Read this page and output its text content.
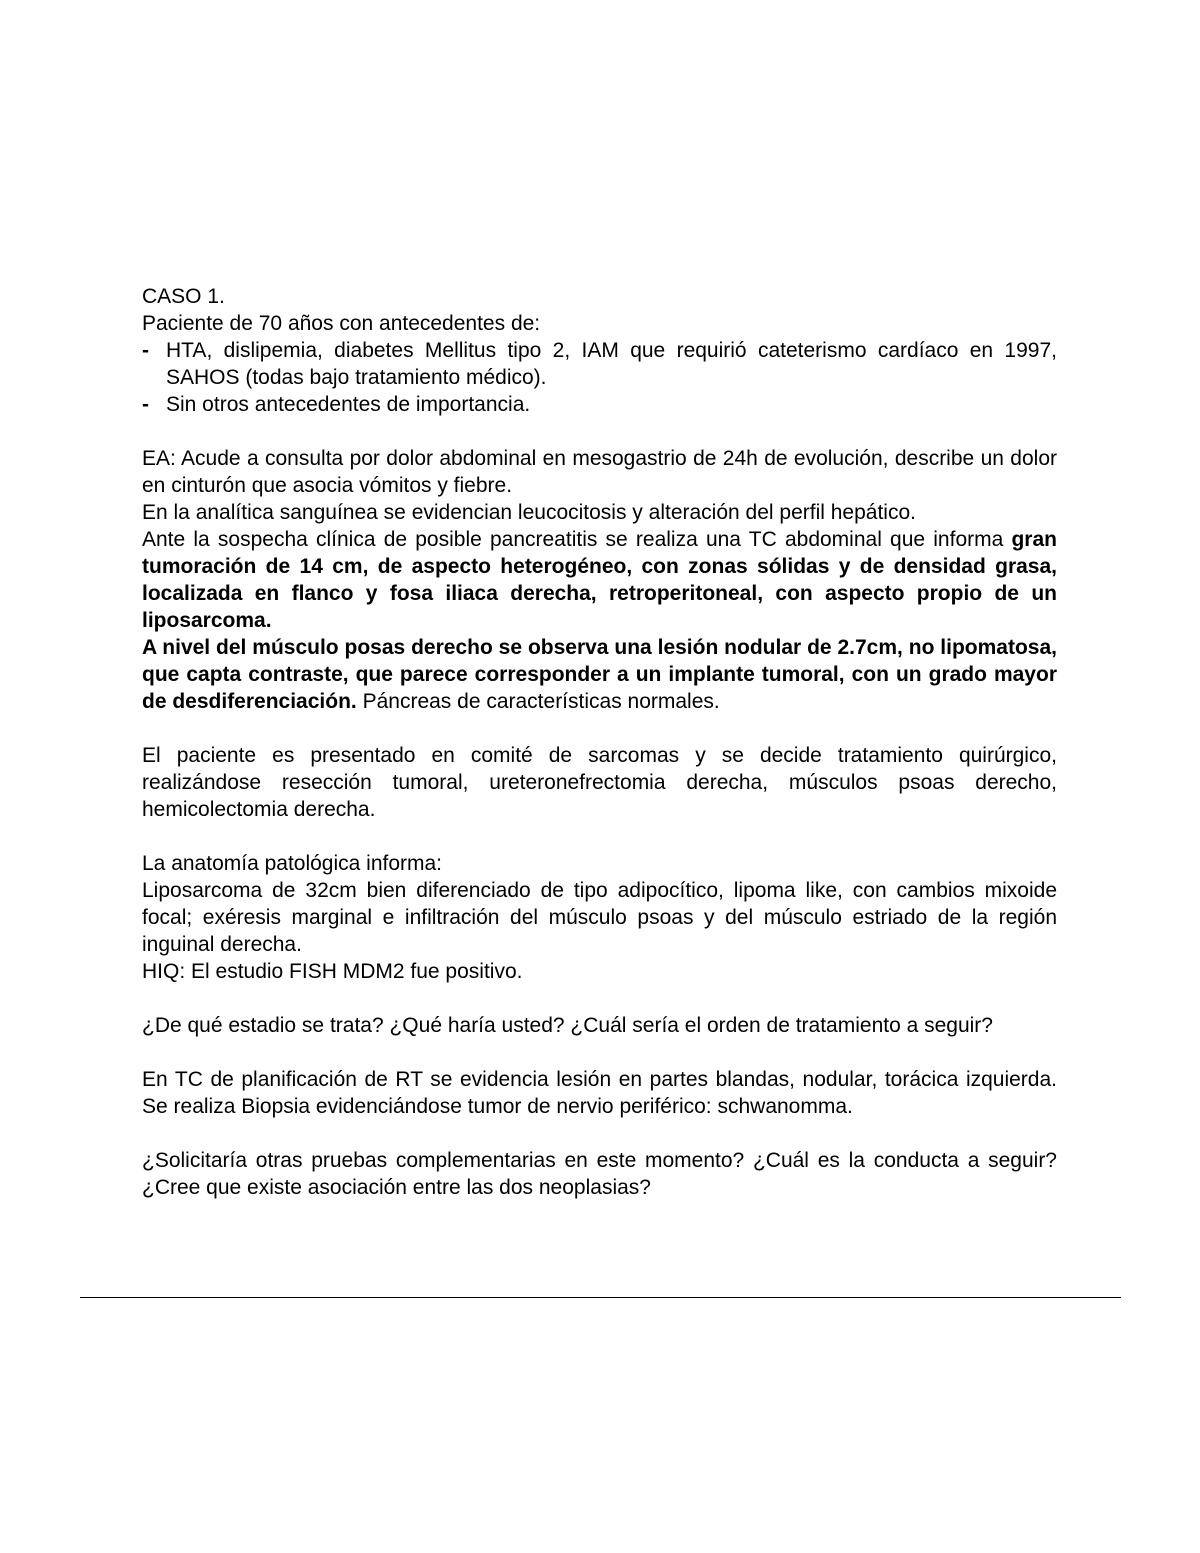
CASO 1.

Paciente de 70 años con antecedentes de:

- HTA, dislipemia, diabetes Mellitus tipo 2, IAM que requirió cateterismo cardíaco en 1997, SAHOS (todas bajo tratamiento médico).
- Sin otros antecedentes de importancia.

EA: Acude a consulta por dolor abdominal en mesogastrio de 24h de evolución, describe un dolor en cinturón que asocia vómitos y fiebre.

En la analítica sanguínea se evidencian leucocitosis y alteración del perfil hepático.

Ante la sospecha clínica de posible pancreatitis se realiza una TC abdominal que informa gran tumoración de 14 cm, de aspecto heterogéneo, con zonas sólidas y de densidad grasa, localizada en flanco y fosa iliaca derecha, retroperitoneal, con aspecto propio de un liposarcoma.

A nivel del músculo posas derecho se observa una lesión nodular de 2.7cm, no lipomatosa, que capta contraste, que parece corresponder a un implante tumoral, con un grado mayor de desdiferenciación. Páncreas de características normales.

El paciente es presentado en comité de sarcomas y se decide tratamiento quirúrgico, realizándose resección tumoral, ureteronefrectomia derecha, músculos psoas derecho, hemicolectomia derecha.

La anatomía patológica informa:

Liposarcoma de 32cm bien diferenciado de tipo adipocítico, lipoma like, con cambios mixoide focal; exéresis marginal e infiltración del músculo psoas y del músculo estriado de la región inguinal derecha.

HIQ: El estudio FISH MDM2 fue positivo.

¿De qué estadio se trata? ¿Qué haría usted? ¿Cuál sería el orden de tratamiento a seguir?

En TC de planificación de RT se evidencia lesión en partes blandas, nodular, torácica izquierda. Se realiza Biopsia evidenciándose tumor de nervio periférico: schwanomma.

¿Solicitaría otras pruebas complementarias en este momento? ¿Cuál es la conducta a seguir? ¿Cree que existe asociación entre las dos neoplasias?
